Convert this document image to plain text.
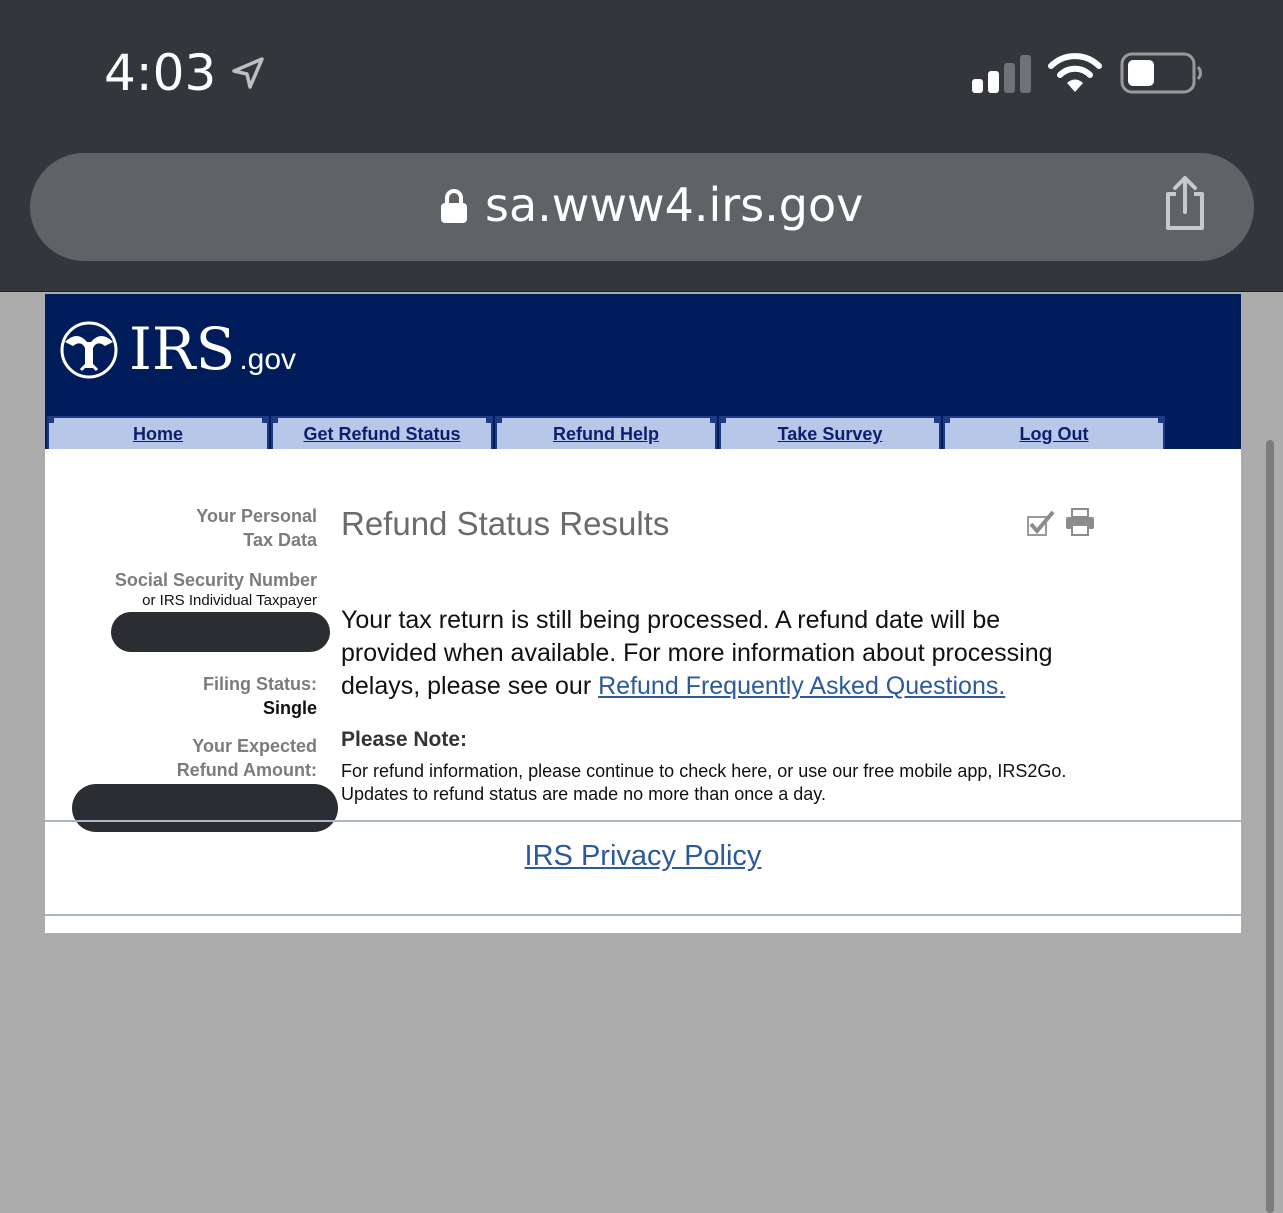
4:03
sa.www4.irs.gov
IRS .gov
Home	Get Refund Status	Refund Help	Take Survey	Log Out
Your Personal
Tax Data
Social Security Number
or IRS Individual Taxpayer
Filing Status:
Single
Your Expected
Refund Amount:
Refund Status Results
Your tax return is still being processed. A refund date will be provided when available. For more information about processing delays, please see our Refund Frequently Asked Questions.
Please Note:
For refund information, please continue to check here, or use our free mobile app, IRS2Go. Updates to refund status are made no more than once a day.
IRS Privacy Policy
